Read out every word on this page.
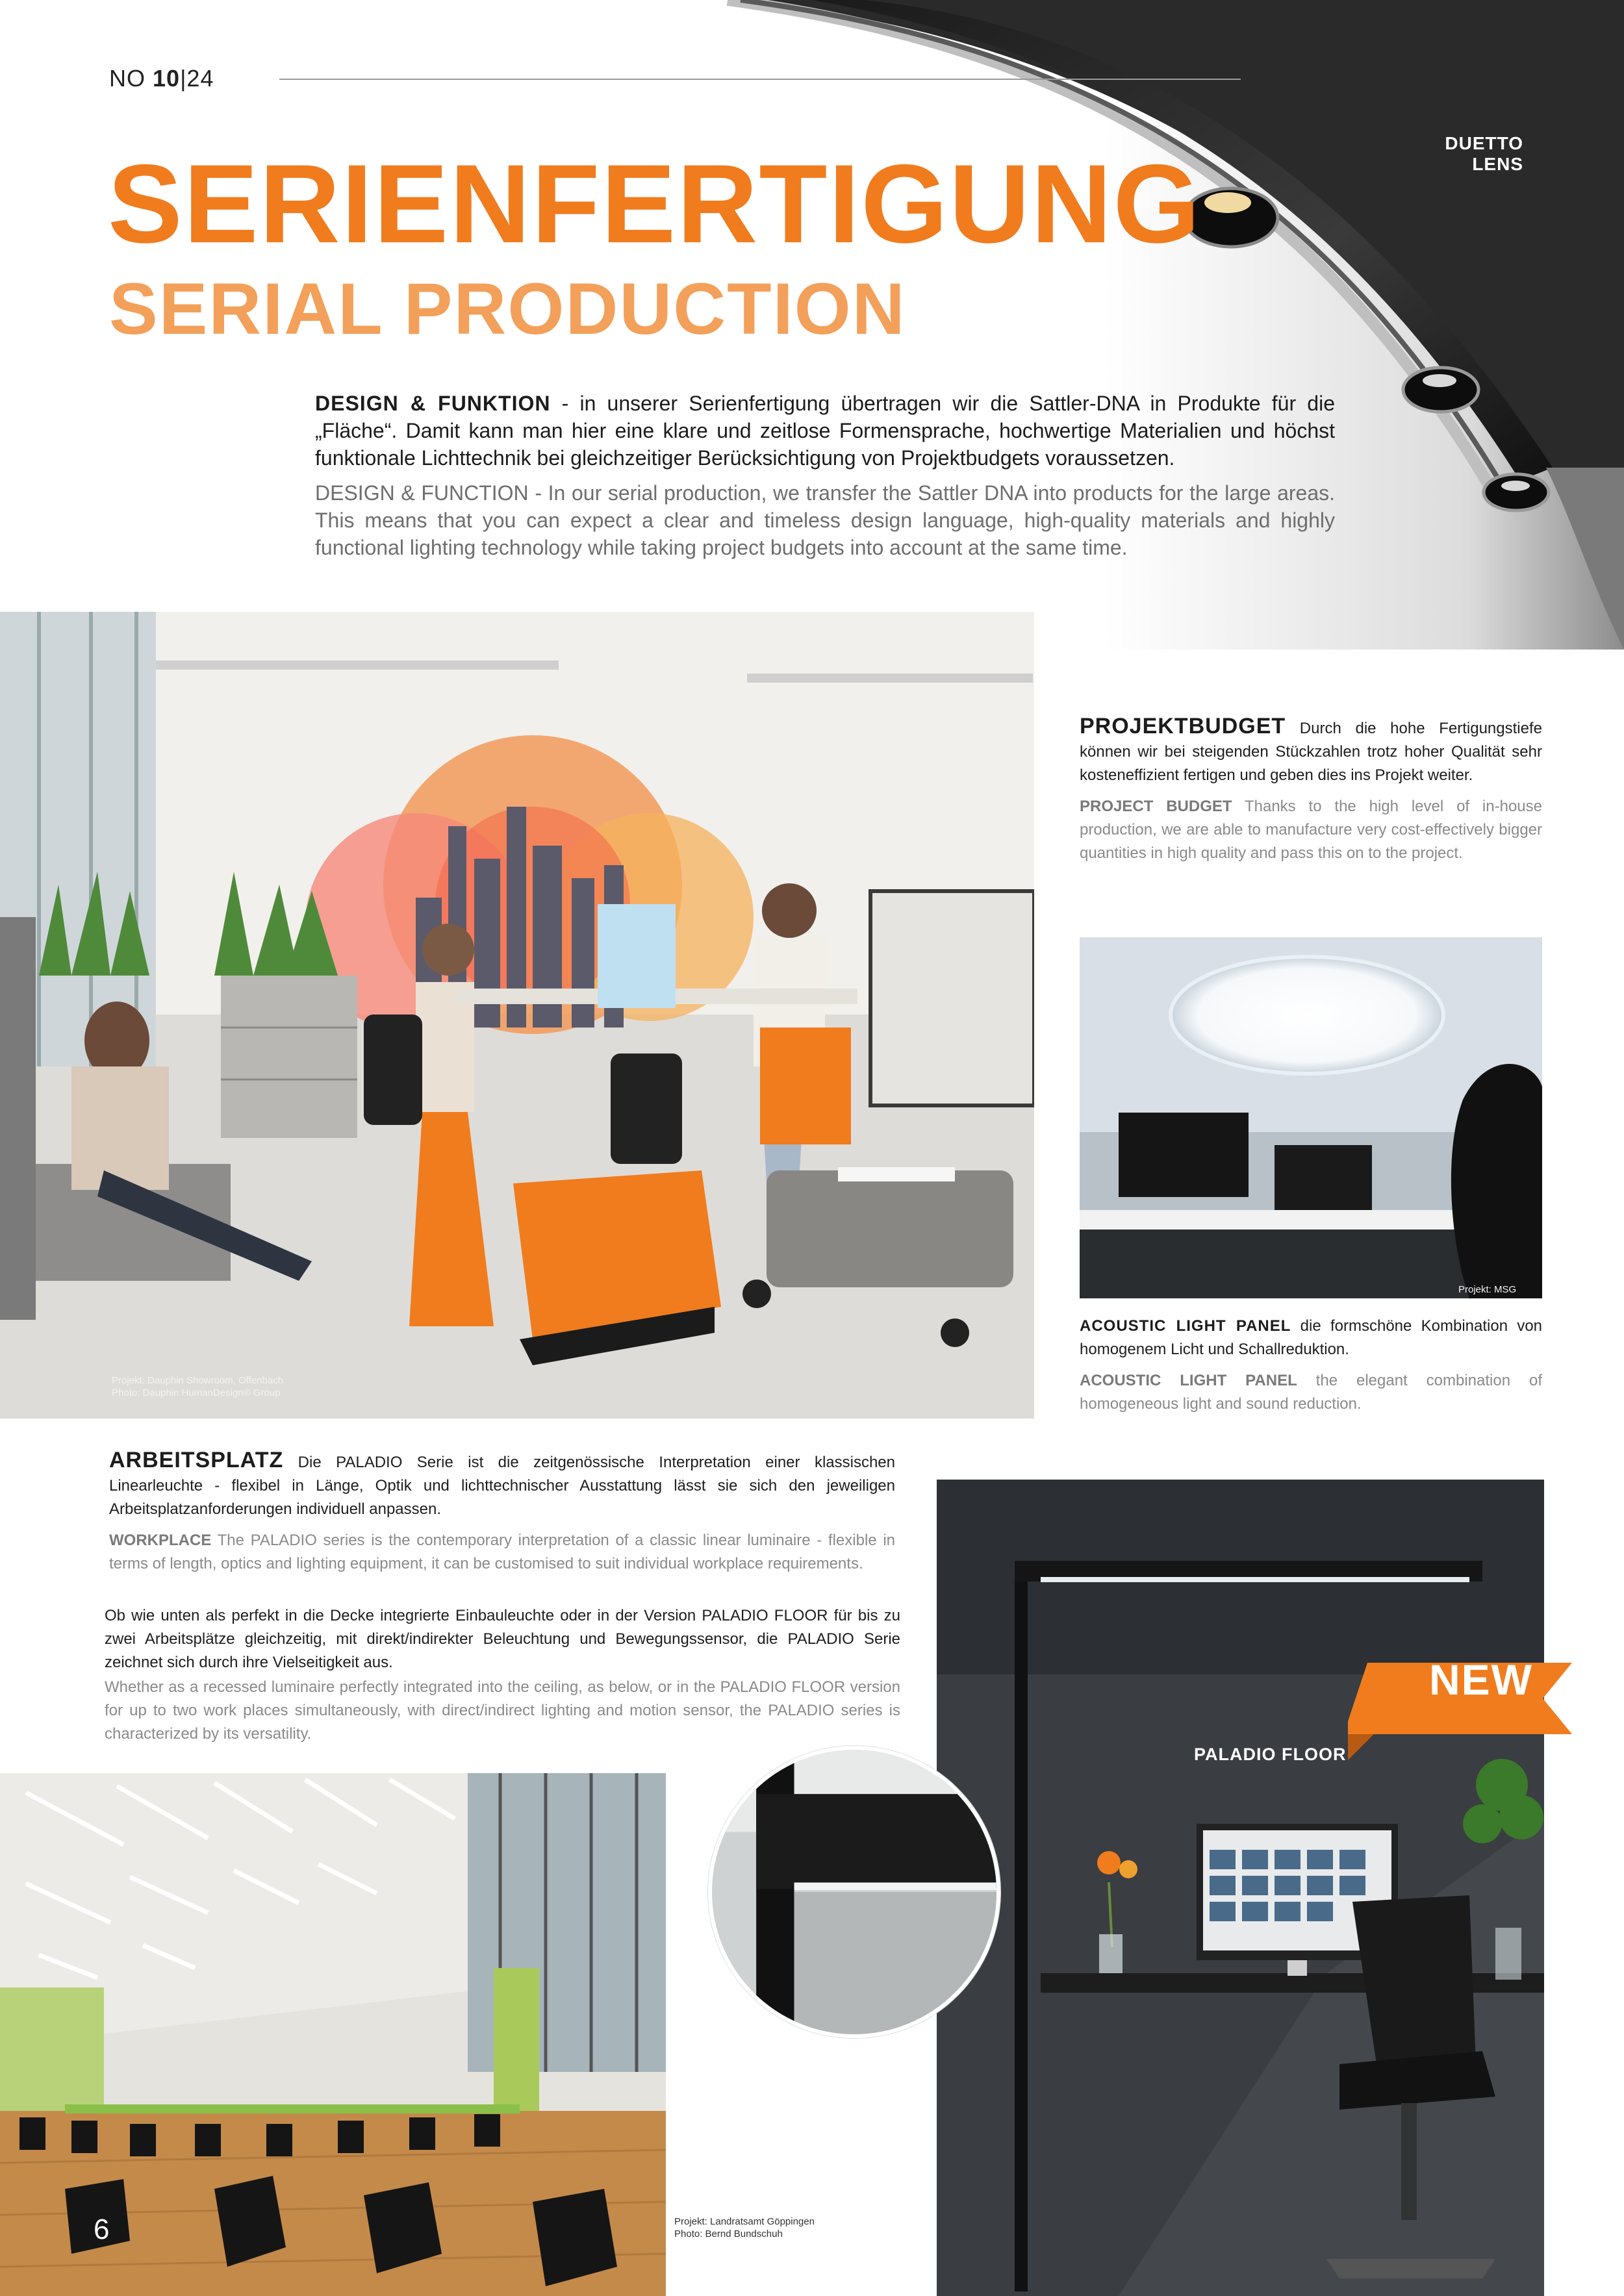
NO 10|24
DUETTO LENS
SERIENFERTIGUNG
SERIAL PRODUCTION
DESIGN & FUNKTION - in unserer Serienfertigung übertragen wir die Sattler-DNA in Produkte für die „Fläche“. Damit kann man hier eine klare und zeitlose Formensprache, hochwertige Materialien und höchst funktionale Lichttechnik bei gleichzeitiger Berücksichtigung von Projektbudgets voraussetzen.
DESIGN & FUNCTION - In our serial production, we transfer the Sattler DNA into products for the large areas. This means that you can expect a clear and timeless design language, high-quality materials and highly functional lighting technology while taking project budgets into account at the same time.
Projekt: Dauphin Showroom, Offenbach
Photo: Dauphin HumanDesign® Group
PROJEKTBUDGET Durch die hohe Fertigungstiefe können wir bei steigenden Stückzahlen trotz hoher Qualität sehr kosteneffizient fertigen und geben dies ins Projekt weiter.
PROJECT BUDGET Thanks to the high level of in-house production, we are able to manufacture very cost-effectively bigger quantities in high quality and pass this on to the project.
Projekt: MSG
ACOUSTIC LIGHT PANEL die formschöne Kombination von homogenem Licht und Schallreduktion.
ACOUSTIC LIGHT PANEL the elegant combination of homogeneous light and sound reduction.
ARBEITSPLATZ Die PALADIO Serie ist die zeitgenössische Interpretation einer klassischen Linearleuchte - flexibel in Länge, Optik und lichttechnischer Ausstattung lässt sie sich den jeweiligen Arbeitsplatzanforderungen individuell anpassen.
WORKPLACE The PALADIO series is the contemporary interpretation of a classic linear luminaire - flexible in terms of length, optics and lighting equipment, it can be customised to suit individual workplace requirements.
Ob wie unten als perfekt in die Decke integrierte Einbauleuchte oder in der Version PALADIO FLOOR für bis zu zwei Arbeitsplätze gleichzeitig, mit direkt/indirekter Beleuchtung und Bewegungssensor, die PALADIO Serie zeichnet sich durch ihre Vielseitigkeit aus.
Whether as a recessed luminaire perfectly integrated into the ceiling, as below, or in the PALADIO FLOOR version for up to two work places simultaneously, with direct/indirect lighting and motion sensor, the PALADIO series is characterized by its versatility.
NEW
PALADIO FLOOR
Projekt: Landratsamt Göppingen
Photo: Bernd Bundschuh
6
